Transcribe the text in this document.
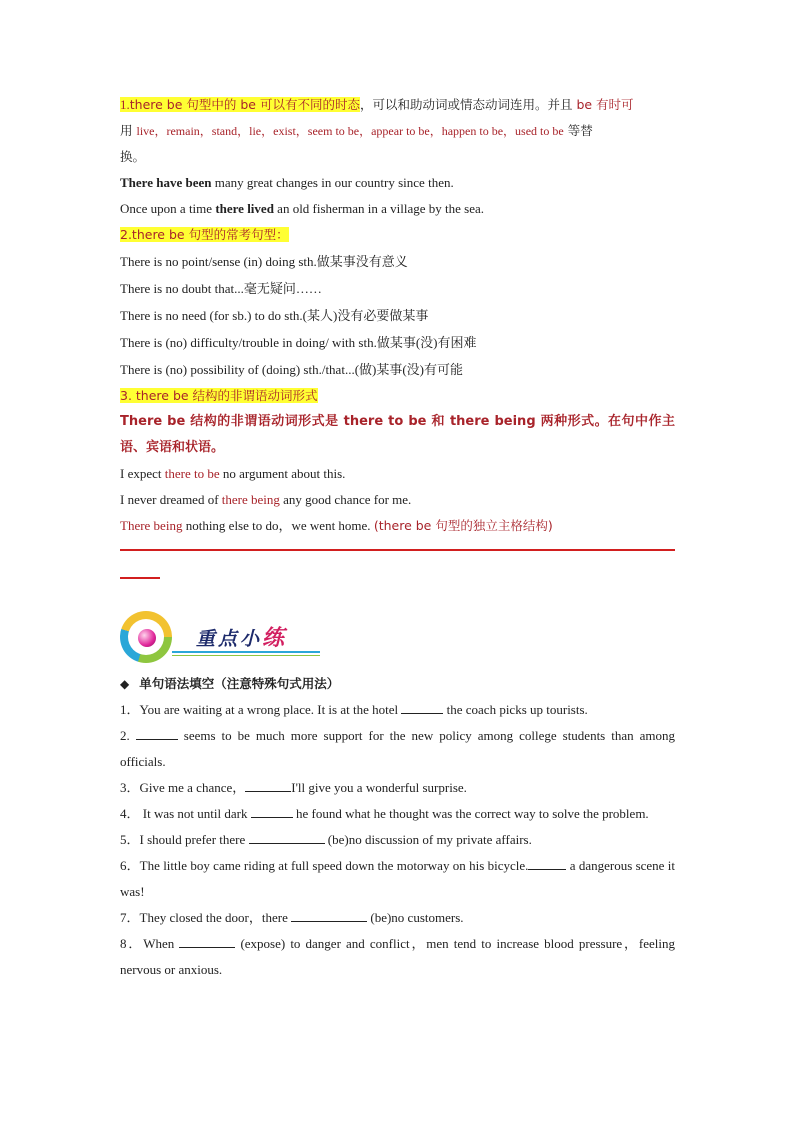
1.there be 句型中的 be 可以有不同的时态，可以和助动词或情态动词连用。并且 be 有时可

用 live，remain，stand，lie，exist，seem to be，appear to be，happen to be，used to be 等替

换。

There have been many great changes in our country since then.

Once upon a time there lived an old fisherman in a village by the sea.

2.there be 句型的常考句型：

There is no point/sense (in) doing sth.做某事没有意义

There is no doubt that...毫无疑问……

There is no need (for sb.) to do sth.(某人)没有必要做某事

There is (no) difficulty/trouble in doing/ with sth.做某事(没)有困难

There is (no) possibility of (doing) sth./that...(做)某事(没)有可能

3. there be 结构的非谓语动词形式

There be 结构的非谓语动词形式是 there to be 和 there being 两种形式。在句中作主语、宾语和状语。

I expect there to be no argument about this.

I never dreamed of there being any good chance for me.

There being nothing else to do，we went home. (there be 句型的独立主格结构)

重点小练

◆ 单句语法填空（注意特殊句式用法）

1．You are waiting at a wrong place. It is at the hotel	the coach picks up tourists.

2.	seems to be much more support for the new policy among college students than among officials.

3．Give me a chance，	I'll give you a wonderful surprise.

4． It was not until dark	he found what he thought was the correct way to solve the problem.

5．I should prefer there	(be)no discussion of my private affairs.

6．The little boy came riding at full speed down the motorway on his bicycle.	a dangerous scene it was!

7．They closed the door，there	(be)no customers.

8．When	(expose) to danger and conflict，men tend to increase blood pressure，feeling nervous or anxious.
